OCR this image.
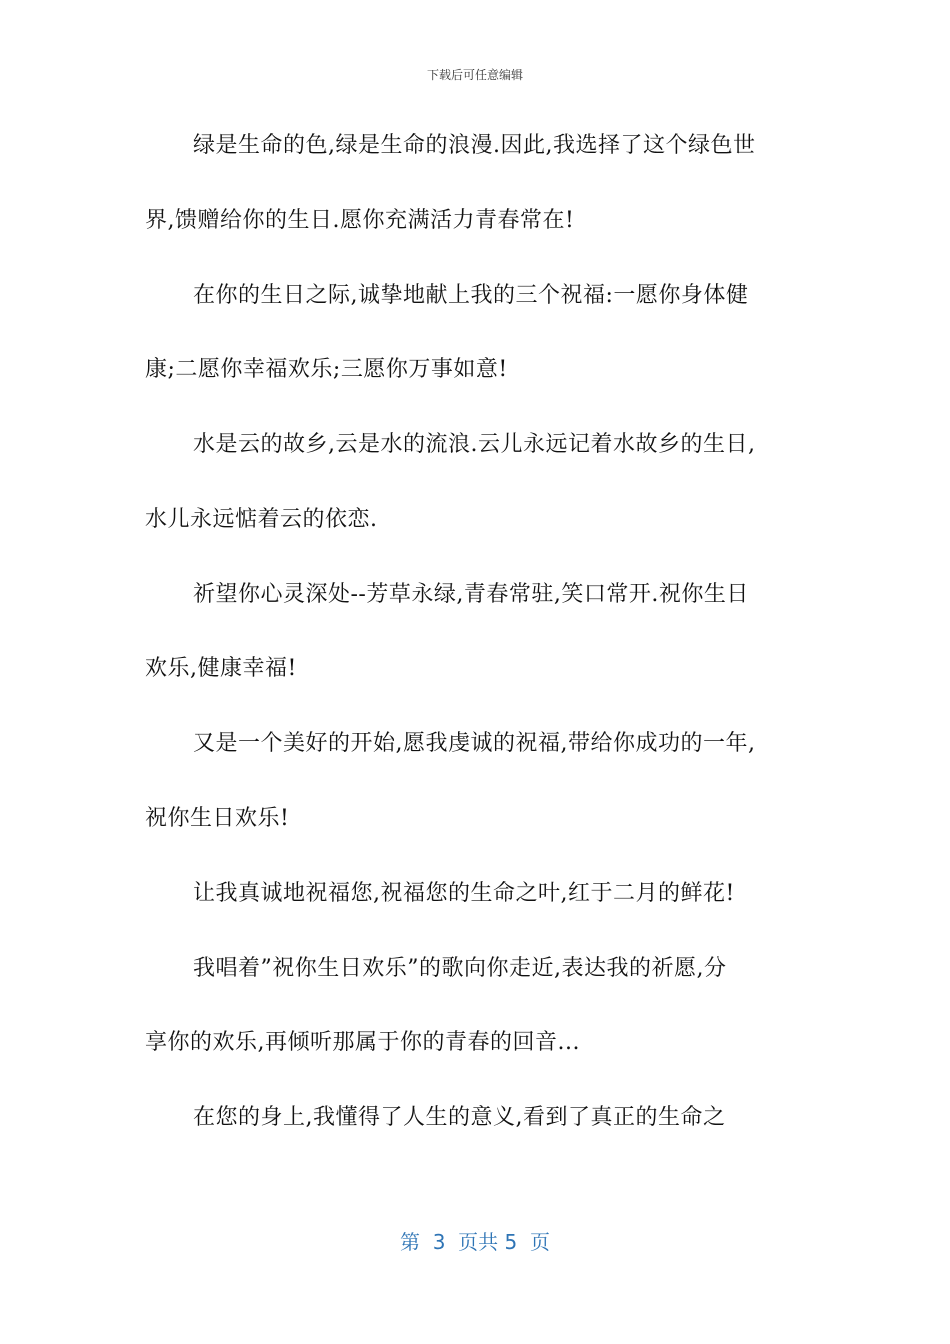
下载后可任意编辑
绿是生命的色,绿是生命的浪漫.因此,我选择了这个绿色世
界,馈赠给你的生日.愿你充满活力青春常在!
在你的生日之际,诚挚地献上我的三个祝福:一愿你身体健
康;二愿你幸福欢乐;三愿你万事如意!
水是云的故乡,云是水的流浪.云儿永远记着水故乡的生日,
水儿永远惦着云的依恋.
祈望你心灵深处--芳草永绿,青春常驻,笑口常开.祝你生日
欢乐,健康幸福!
又是一个美好的开始,愿我虔诚的祝福,带给你成功的一年,
祝你生日欢乐!
让我真诚地祝福您,祝福您的生命之叶,红于二月的鲜花!
我唱着”祝你生日欢乐”的歌向你走近,表达我的祈愿,分
享你的欢乐,再倾听那属于你的青春的回音...
在您的身上,我懂得了人生的意义,看到了真正的生命之
第  3  页共 5  页
